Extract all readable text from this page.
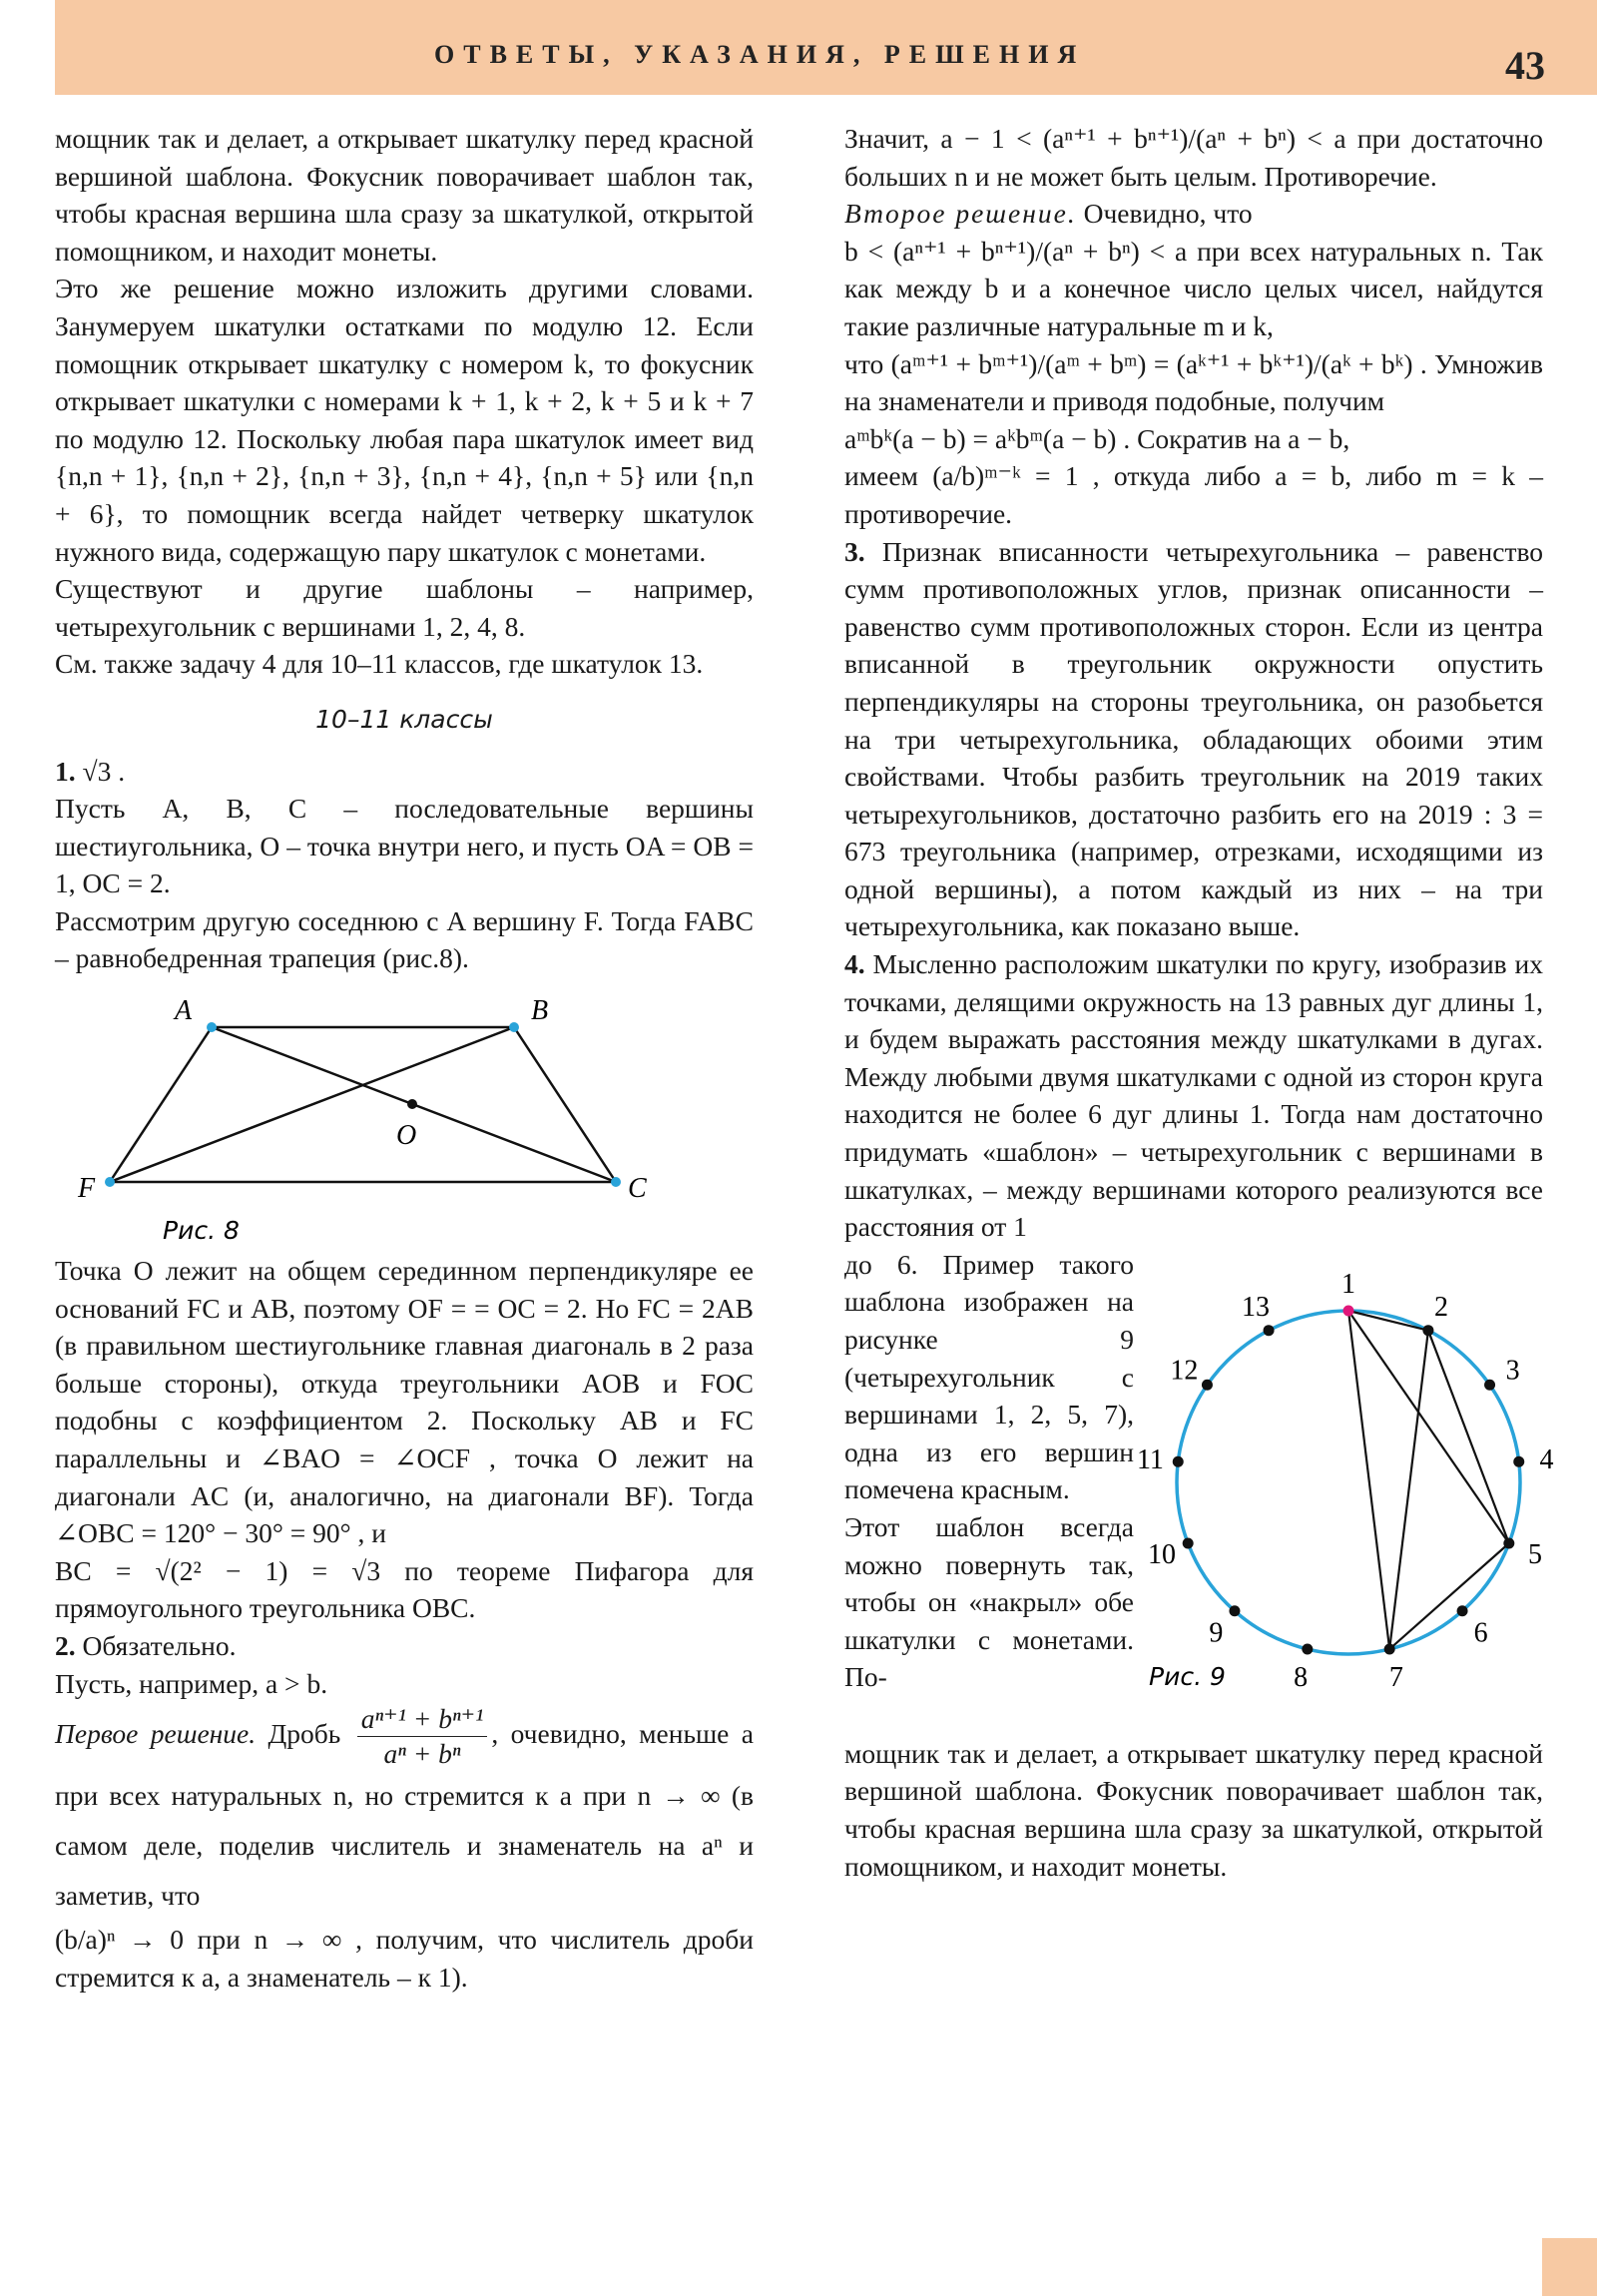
ОТВЕТЫ, УКАЗАНИЯ, РЕШЕНИЯ	43

мощник так и делает, а открывает шкатулку перед красной вершиной шаблона. Фокусник поворачивает шаблон так, чтобы красная вершина шла сразу за шкатулкой, открытой помощником, и находит монеты.

Это же решение можно изложить другими словами. Занумеруем шкатулки остатками по модулю 12. Если помощник открывает шкатулку с номером k, то фокусник открывает шкатулки с номерами k + 1, k + 2, k + 5 и k + 7 по модулю 12. Поскольку любая пара шкатулок имеет вид {n,n + 1}, {n,n + 2}, {n,n + 3}, {n,n + 4}, {n,n + 5} или {n,n + 6}, то помощник всегда найдет четверку шкатулок нужного вида, содержащую пару шкатулок с монетами.

Существуют и другие шаблоны – например, четырехугольник с вершинами 1, 2, 4, 8.

См. также задачу 4 для 10–11 классов, где шкатулок 13.

10–11 классы

1. √3 .

Пусть A, B, C – последовательные вершины шестиугольника, O – точка внутри него, и пусть OA = OB = 1, OC = 2.

Рассмотрим другую соседнюю с A вершину F. Тогда FABC – равнобедренная трапеция (рис.8).

A	B
C
F
O
Рис. 8

Точка O лежит на общем серединном перпендикуляре ее оснований FC и AB, поэтому OF = = OC = 2. Но FC = 2AB (в правильном шестиугольнике главная диагональ в 2 раза больше стороны), откуда треугольники AOB и FOC подобны с коэффициентом 2. Поскольку AB и FC параллельны и ∠BAO = ∠OCF , точка O лежит на диагонали AC (и, аналогично, на диагонали BF). Тогда ∠OBC = 120° − 30° = 90° , и

BC = √(2² − 1) = √3 по теореме Пифагора для прямоугольного треугольника OBC.

2. Обязательно.

Пусть, например, a > b.

Первое решение. Дробь $\frac{\text{aⁿ⁺¹ + bⁿ⁺¹}}{\text{aⁿ + bⁿ}}$ , очевидно, меньше a при всех натуральных n, но стремится к a при n → ∞ (в самом деле, поделив числитель и знаменатель на aⁿ и заметив, что

(b/a)ⁿ → 0 при n → ∞ , получим, что числитель дроби стремится к a, а знаменатель – к 1).

Значит, a − 1 < (aⁿ⁺¹ + bⁿ⁺¹)/(aⁿ + bⁿ) < a при достаточно больших n и не может быть целым. Противоречие.

Второе решение. Очевидно, что

b < (aⁿ⁺¹ + bⁿ⁺¹)/(aⁿ + bⁿ) < a при всех натуральных n. Так как между b и a конечное число целых чисел, найдутся такие различные натуральные m и k,

что (aᵐ⁺¹ + bᵐ⁺¹)/(aᵐ + bᵐ) = (aᵏ⁺¹ + bᵏ⁺¹)/(aᵏ + bᵏ) . Умножив на знаменатели и приводя подобные, получим

aᵐbᵏ(a − b) = aᵏbᵐ(a − b) . Сократив на a − b,

имеем (a/b)ᵐ⁻ᵏ = 1 , откуда либо a = b, либо m = k – противоречие.

3. Признак вписанности четырехугольника – равенство сумм противоположных углов, признак описанности – равенство сумм противоположных сторон. Если из центра вписанной в треугольник окружности опустить перпендикуляры на стороны треугольника, он разобьется на три четырехугольника, обладающих обоими этим свойствами. Чтобы разбить треугольник на 2019 таких четырехугольников, достаточно разбить его на 2019 : 3 = 673 треугольника (например, отрезками, исходящими из одной вершины), а потом каждый из них – на три четырехугольника, как показано выше.

4. Мысленно расположим шкатулки по кругу, изобразив их точками, делящими окружность на 13 равных дуг длины 1, и будем выражать расстояния между шкатулками в дугах. Между любыми двумя шкатулками с одной из сторон круга находится не более 6 дуг длины 1. Тогда нам достаточно придумать «шаблон» – четырехугольник с вершинами в шкатулках, – между вершинами которого реализуются все расстояния от 1

до 6. Пример такого шаблона изображен на рисунке 9 (четырехугольник с вершинами 1, 2, 5, 7), одна из его вершин помечена красным.

Этот шаблон всегда можно повернуть так, чтобы он «накрыл» обе шкатулки с монетами. По-

1
2
3
4
5
6
7
8
9
10
11
12
13
Рис. 9

мощник так и делает, а открывает шкатулку перед красной вершиной шаблона. Фокусник поворачивает шаблон так, чтобы красная вершина шла сразу за шкатулкой, открытой помощником, и находит монеты.
